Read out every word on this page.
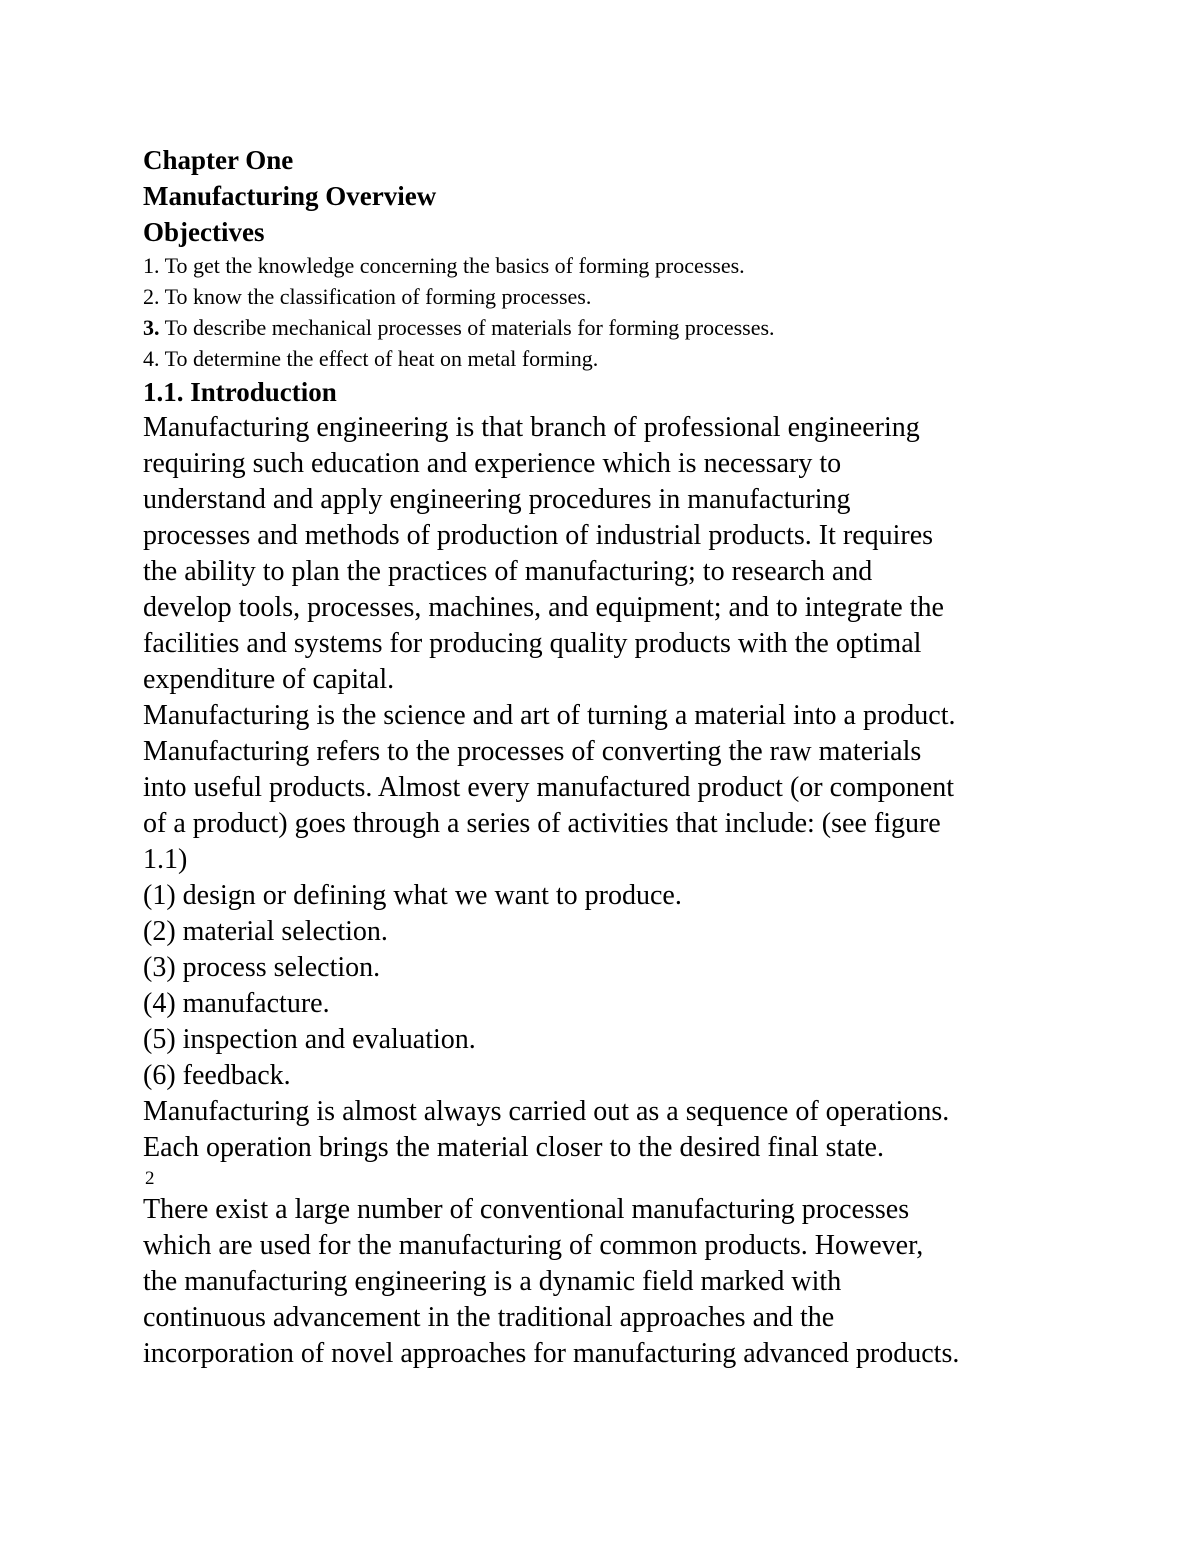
Chapter One

Manufacturing Overview

Objectives

1. To get the knowledge concerning the basics of forming processes.

2. To know the classification of forming processes.

3. To describe mechanical processes of materials for forming processes.

4. To determine the effect of heat on metal forming.

1.1. Introduction

Manufacturing engineering is that branch of professional engineering

requiring such education and experience which is necessary to

understand and apply engineering procedures in manufacturing

processes and methods of production of industrial products. It requires

the ability to plan the practices of manufacturing; to research and

develop tools, processes, machines, and equipment; and to integrate the

facilities and systems for producing quality products with the optimal

expenditure of capital.

Manufacturing is the science and art of turning a material into a product.

Manufacturing refers to the processes of converting the raw materials

into useful products. Almost every manufactured product (or component

of a product) goes through a series of activities that include: (see figure

1.1)

(1) design or defining what we want to produce.

(2) material selection.

(3) process selection.

(4) manufacture.

(5) inspection and evaluation.

(6) feedback.

Manufacturing is almost always carried out as a sequence of operations.

Each operation brings the material closer to the desired final state.

2

There exist a large number of conventional manufacturing processes

which are used for the manufacturing of common products. However,

the manufacturing engineering is a dynamic field marked with

continuous advancement in the traditional approaches and the

incorporation of novel approaches for manufacturing advanced products.
